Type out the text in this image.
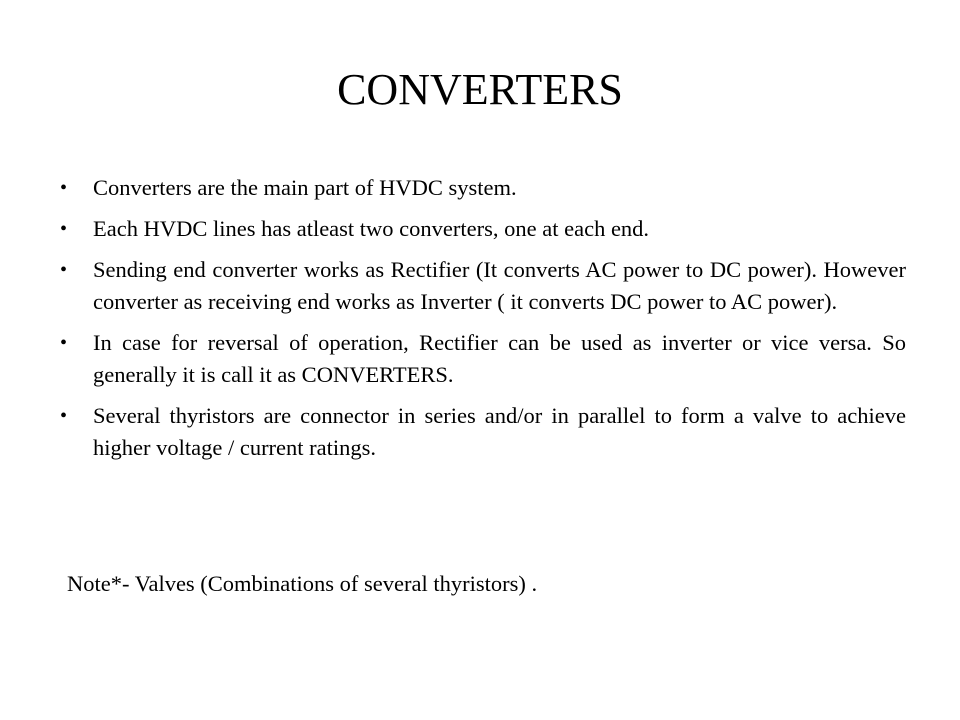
CONVERTERS
• Converters are the main part of HVDC system.
• Each HVDC lines has atleast two converters, one at each end.
• Sending end converter works as Rectifier (It converts AC power to DC power). However converter as receiving end works as Inverter ( it converts DC power to AC power).
• In case for reversal of operation, Rectifier can be used as inverter or vice versa. So generally it is call it as CONVERTERS.
• Several thyristors are connector in series and/or in parallel to form a valve to achieve higher voltage / current ratings.

Note*- Valves (Combinations of several thyristors) .
